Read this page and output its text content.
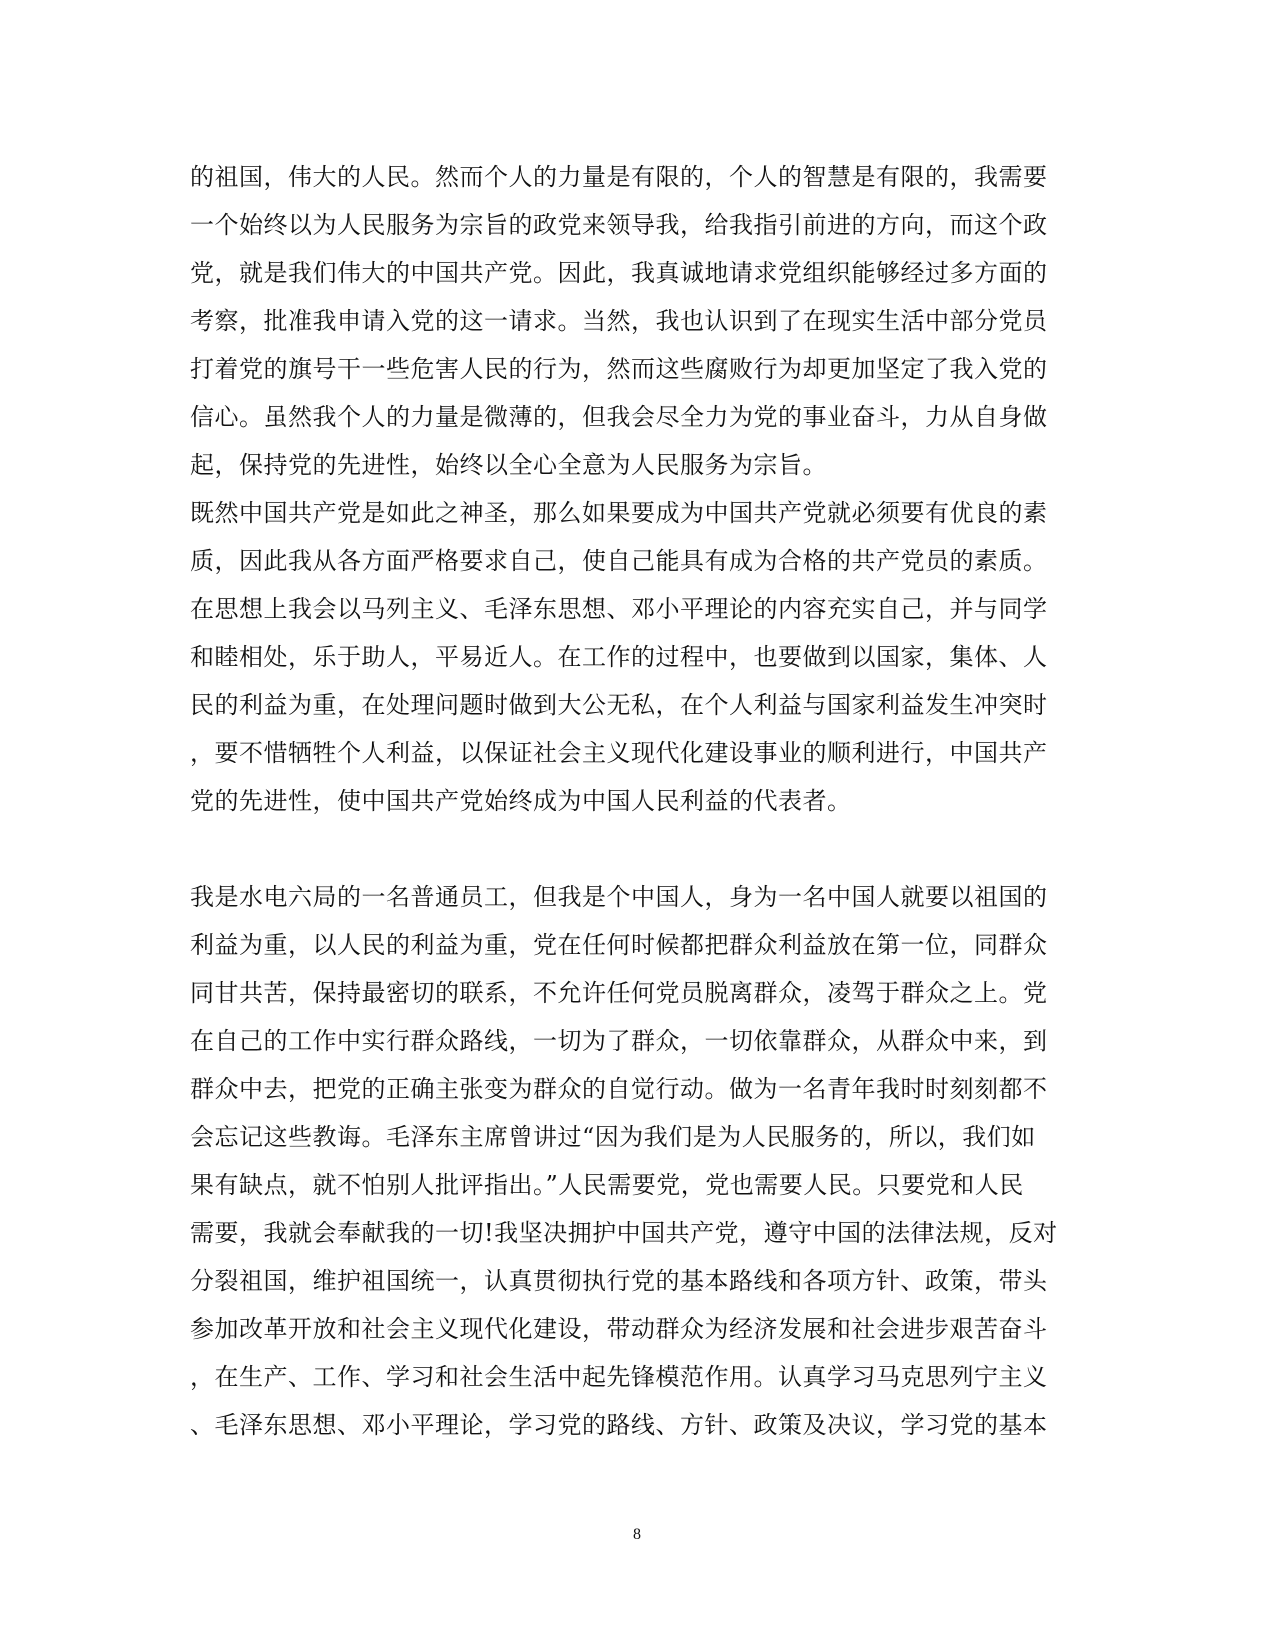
的祖国，伟大的人民。然而个人的力量是有限的，个人的智慧是有限的，我需要
一个始终以为人民服务为宗旨的政党来领导我，给我指引前进的方向，而这个政
党，就是我们伟大的中国共产党。因此，我真诚地请求党组织能够经过多方面的
考察，批准我申请入党的这一请求。当然，我也认识到了在现实生活中部分党员
打着党的旗号干一些危害人民的行为，然而这些腐败行为却更加坚定了我入党的
信心。虽然我个人的力量是微薄的，但我会尽全力为党的事业奋斗，力从自身做
起，保持党的先进性，始终以全心全意为人民服务为宗旨。
既然中国共产党是如此之神圣，那么如果要成为中国共产党就必须要有优良的素
质，因此我从各方面严格要求自己，使自己能具有成为合格的共产党员的素质。
在思想上我会以马列主义、毛泽东思想、邓小平理论的内容充实自己，并与同学
和睦相处，乐于助人，平易近人。在工作的过程中，也要做到以国家，集体、人
民的利益为重，在处理问题时做到大公无私，在个人利益与国家利益发生冲突时
，要不惜牺牲个人利益，以保证社会主义现代化建设事业的顺利进行，中国共产
党的先进性，使中国共产党始终成为中国人民利益的代表者。
我是水电六局的一名普通员工，但我是个中国人，身为一名中国人就要以祖国的
利益为重，以人民的利益为重，党在任何时候都把群众利益放在第一位，同群众
同甘共苦，保持最密切的联系，不允许任何党员脱离群众，凌驾于群众之上。党
在自己的工作中实行群众路线，一切为了群众，一切依靠群众，从群众中来，到
群众中去，把党的正确主张变为群众的自觉行动。做为一名青年我时时刻刻都不
会忘记这些教诲。毛泽东主席曾讲过“因为我们是为人民服务的，所以，我们如
果有缺点，就不怕别人批评指出。”人民需要党，党也需要人民。只要党和人民
需要，我就会奉献我的一切!我坚决拥护中国共产党，遵守中国的法律法规，反对
分裂祖国，维护祖国统一，认真贯彻执行党的基本路线和各项方针、政策，带头
参加改革开放和社会主义现代化建设，带动群众为经济发展和社会进步艰苦奋斗
，在生产、工作、学习和社会生活中起先锋模范作用。认真学习马克思列宁主义
、毛泽东思想、邓小平理论，学习党的路线、方针、政策及决议，学习党的基本
8
